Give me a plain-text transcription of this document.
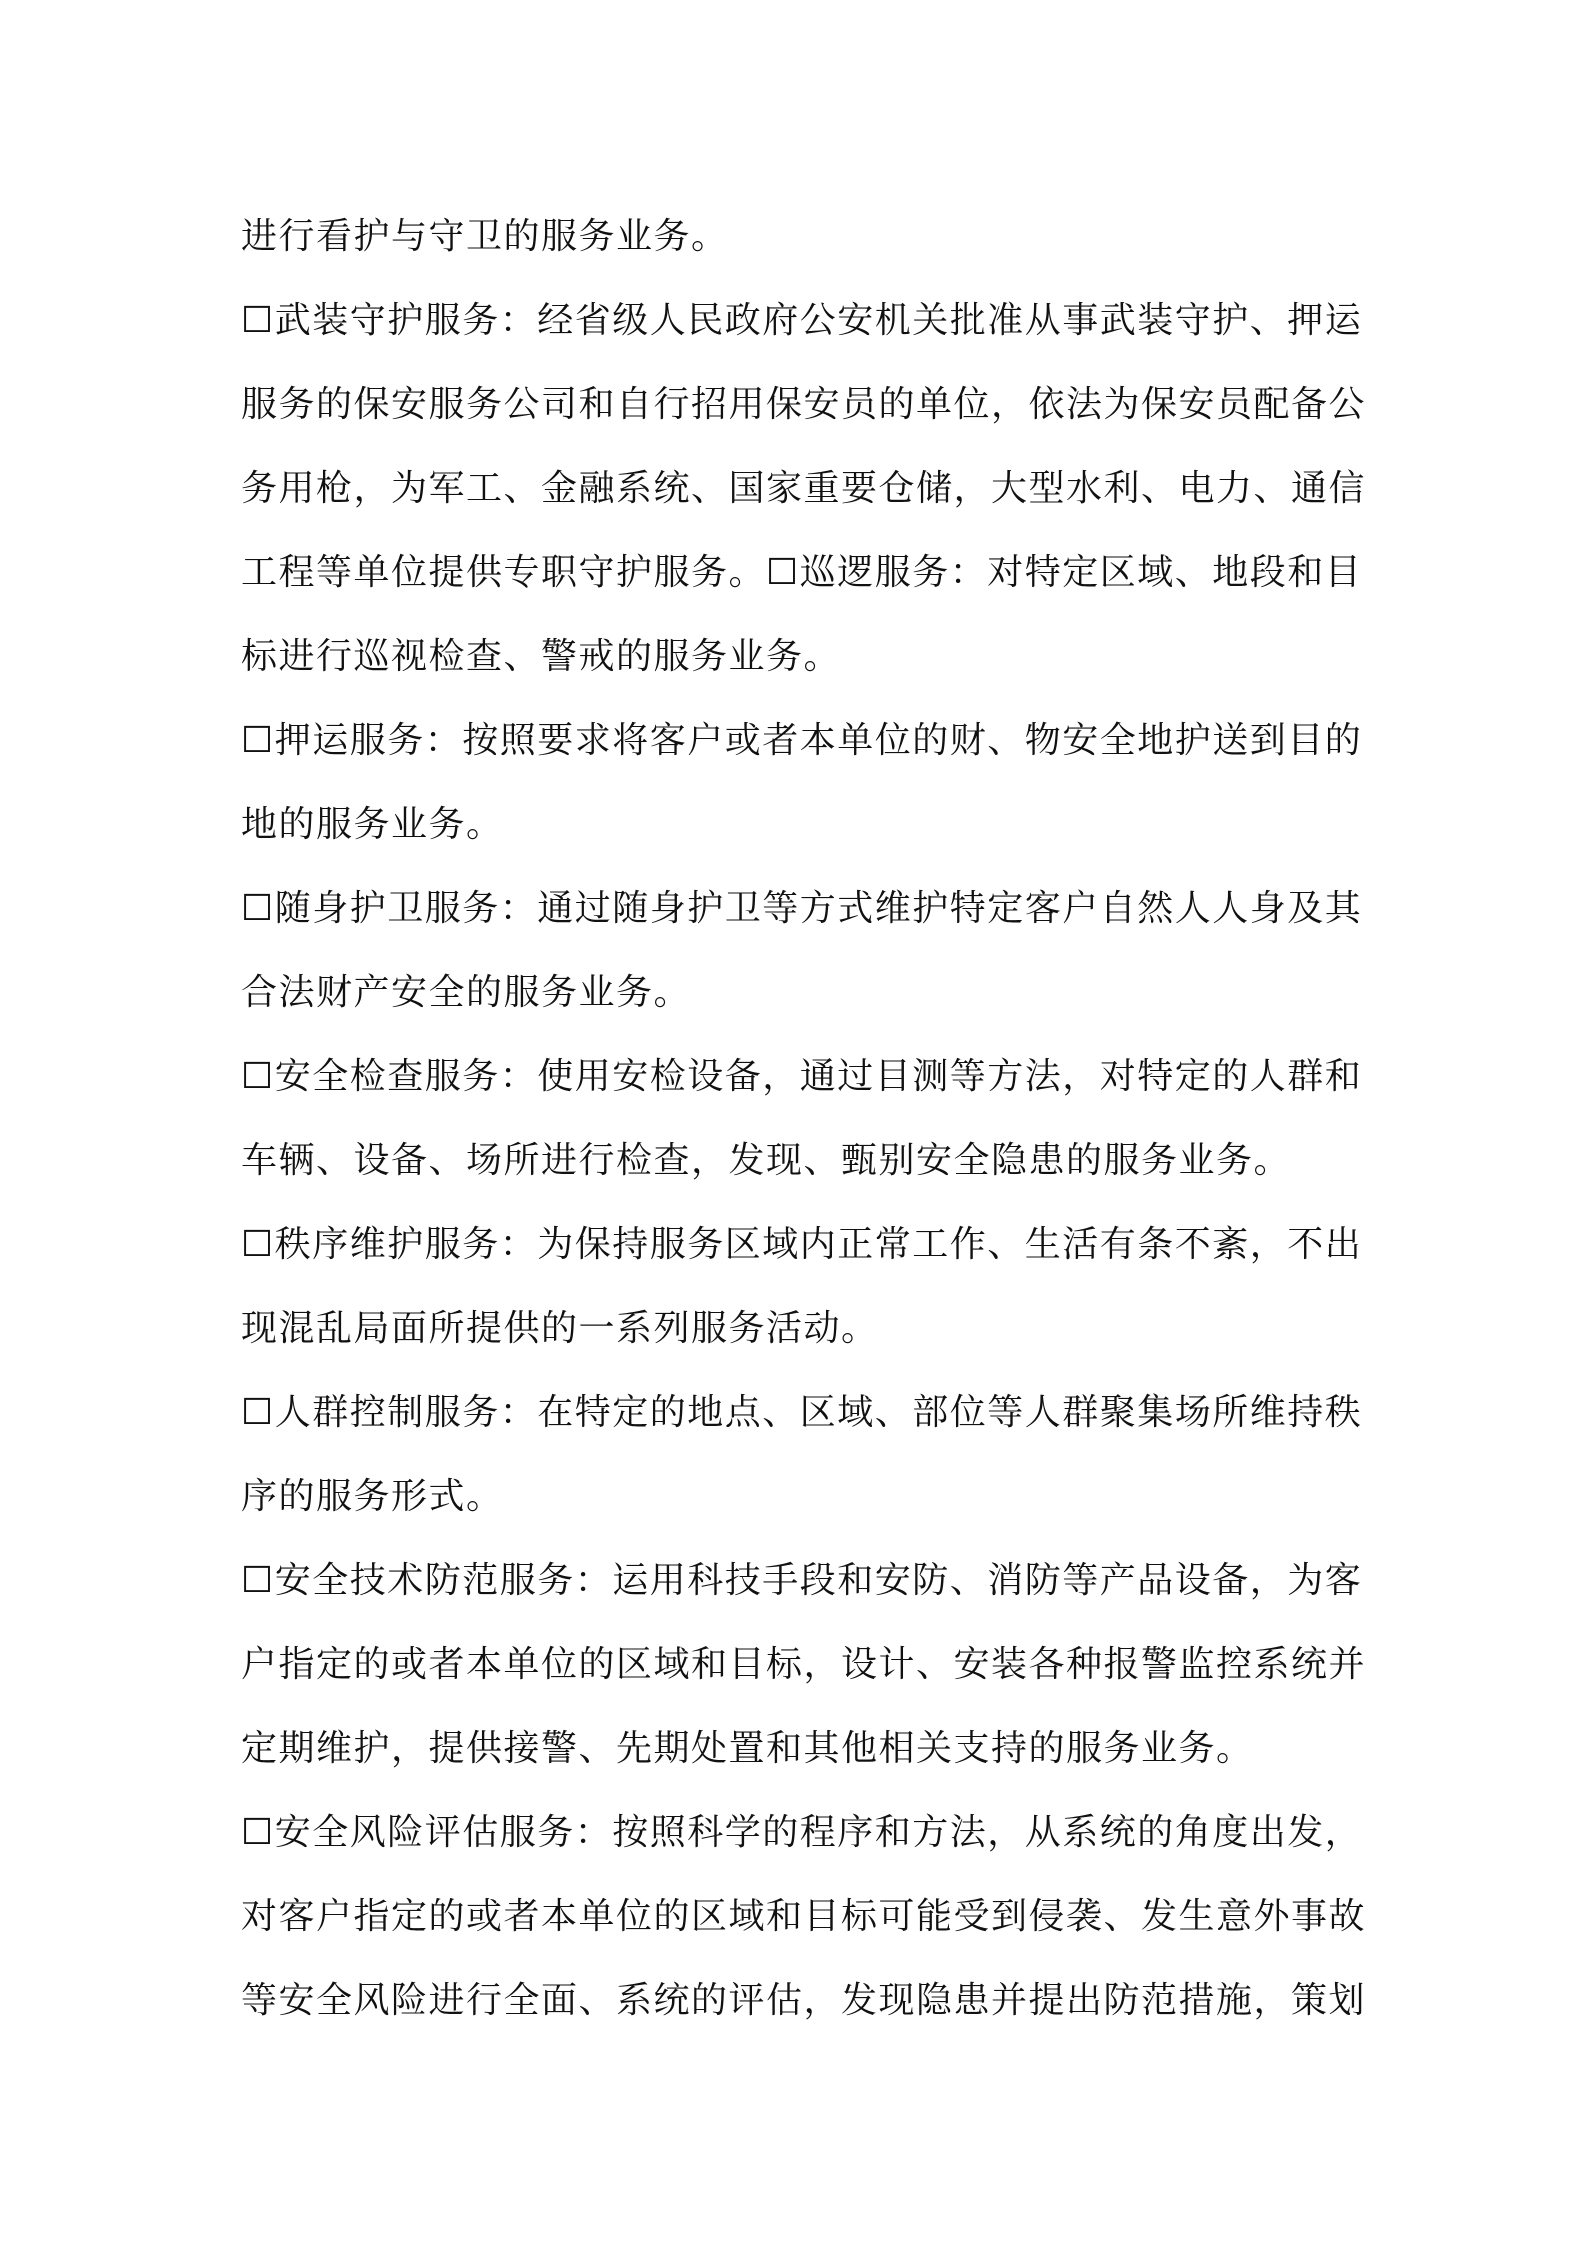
进行看护与守卫的服务业务。
☐武装守护服务：经省级人民政府公安机关批准从事武装守护、押运
服务的保安服务公司和自行招用保安员的单位，依法为保安员配备公
务用枪，为军工、金融系统、国家重要仓储，大型水利、电力、通信
工程等单位提供专职守护服务。☐巡逻服务：对特定区域、地段和目
标进行巡视检查、警戒的服务业务。
☐押运服务：按照要求将客户或者本单位的财、物安全地护送到目的
地的服务业务。
☐随身护卫服务：通过随身护卫等方式维护特定客户自然人人身及其
合法财产安全的服务业务。
☐安全检查服务：使用安检设备，通过目测等方法，对特定的人群和
车辆、设备、场所进行检查，发现、甄别安全隐患的服务业务。
☐秩序维护服务：为保持服务区域内正常工作、生活有条不紊，不出
现混乱局面所提供的一系列服务活动。
☐人群控制服务：在特定的地点、区域、部位等人群聚集场所维持秩
序的服务形式。
☐安全技术防范服务：运用科技手段和安防、消防等产品设备，为客
户指定的或者本单位的区域和目标，设计、安装各种报警监控系统并
定期维护，提供接警、先期处置和其他相关支持的服务业务。
☐安全风险评估服务：按照科学的程序和方法，从系统的角度出发，
对客户指定的或者本单位的区域和目标可能受到侵袭、发生意外事故
等安全风险进行全面、系统的评估，发现隐患并提出防范措施，策划
